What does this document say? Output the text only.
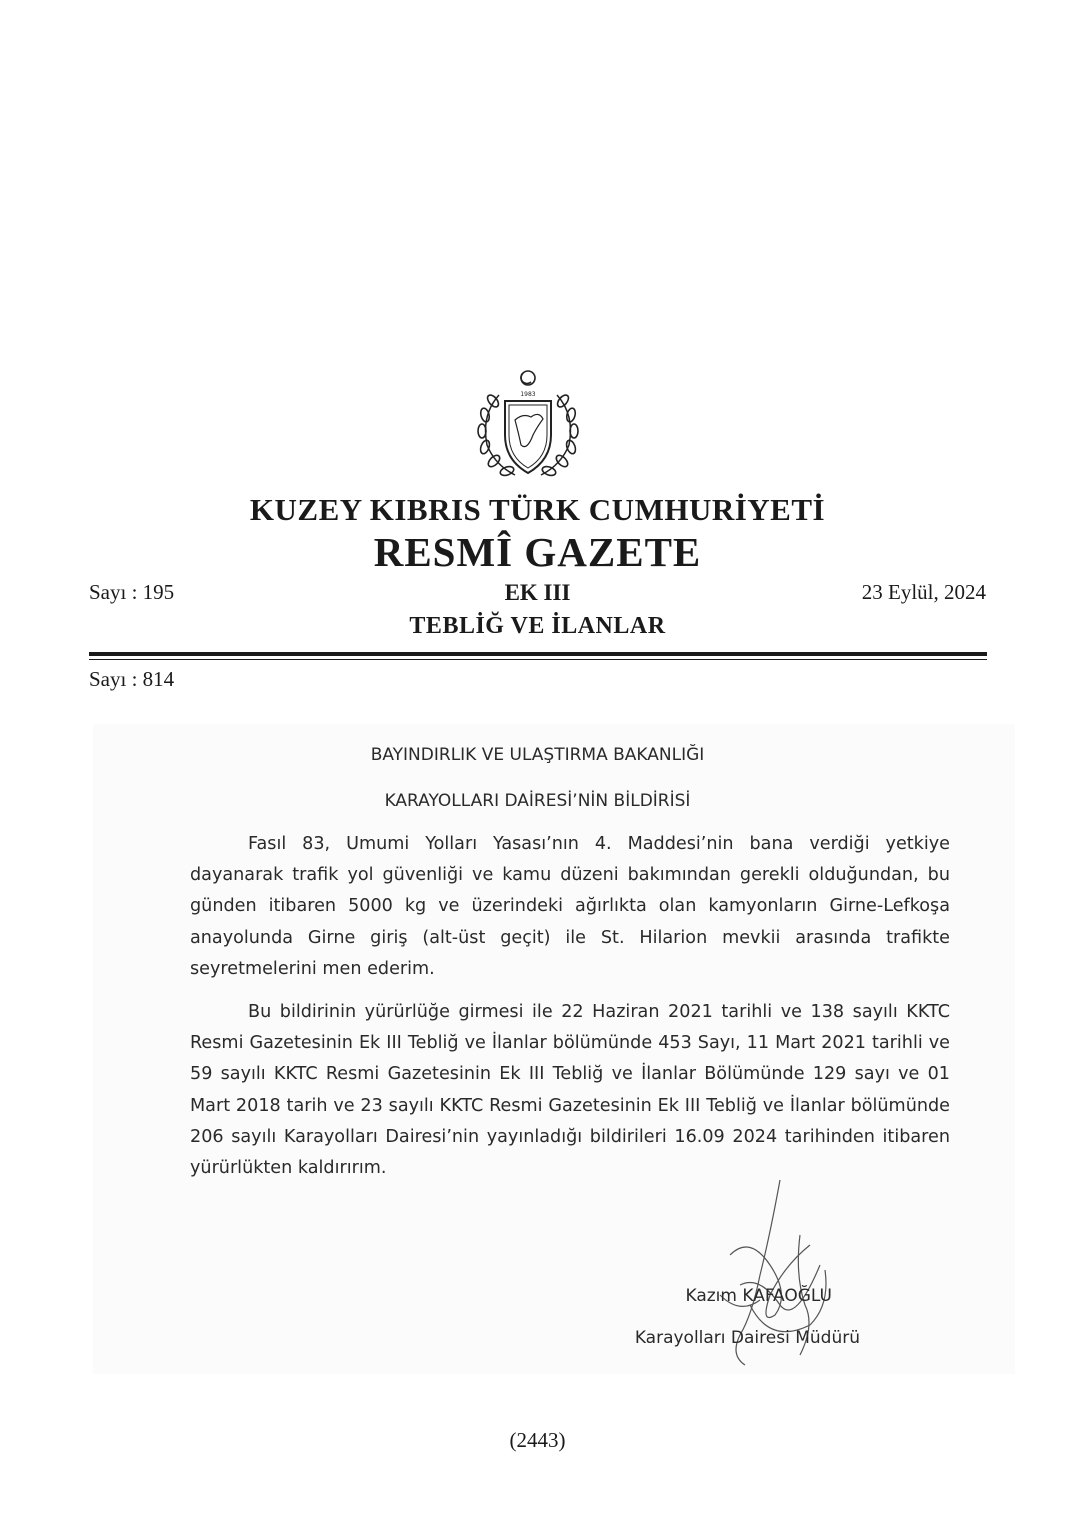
1983
KUZEY KIBRIS TÜRK CUMHURİYETİ
RESMÎ GAZETE
Sayı : 195	EK III	23 Eylül, 2024
TEBLİĞ VE İLANLAR
Sayı : 814
BAYINDIRLIK VE ULAŞTIRMA BAKANLIĞI
KARAYOLLARI DAİRESİ’NİN BİLDİRİSİ

Fasıl 83, Umumi Yolları Yasası’nın 4. Maddesi’nin bana verdiği yetkiye dayanarak trafik yol güvenliği ve kamu düzeni bakımından gerekli olduğundan, bu günden itibaren 5000 kg ve üzerindeki ağırlıkta olan kamyonların Girne-Lefkoşa anayolunda Girne giriş (alt-üst geçit) ile St. Hilarion mevkii arasında trafikte seyretmelerini men ederim.

Bu bildirinin yürürlüğe girmesi ile 22 Haziran 2021 tarihli ve 138 sayılı KKTC Resmi Gazetesinin Ek III Tebliğ ve İlanlar bölümünde 453 Sayı, 11 Mart 2021 tarihli ve 59 sayılı KKTC Resmi Gazetesinin Ek III Tebliğ ve İlanlar Bölümünde 129 sayı ve 01 Mart 2018 tarih ve 23 sayılı KKTC Resmi Gazetesinin Ek III Tebliğ ve İlanlar bölümünde 206 sayılı Karayolları Dairesi’nin yayınladığı bildirileri 16.09 2024 tarihinden itibaren yürürlükten kaldırırım.

Kazım KAFAOĞLU
Karayolları Dairesi Müdürü
(2443)
